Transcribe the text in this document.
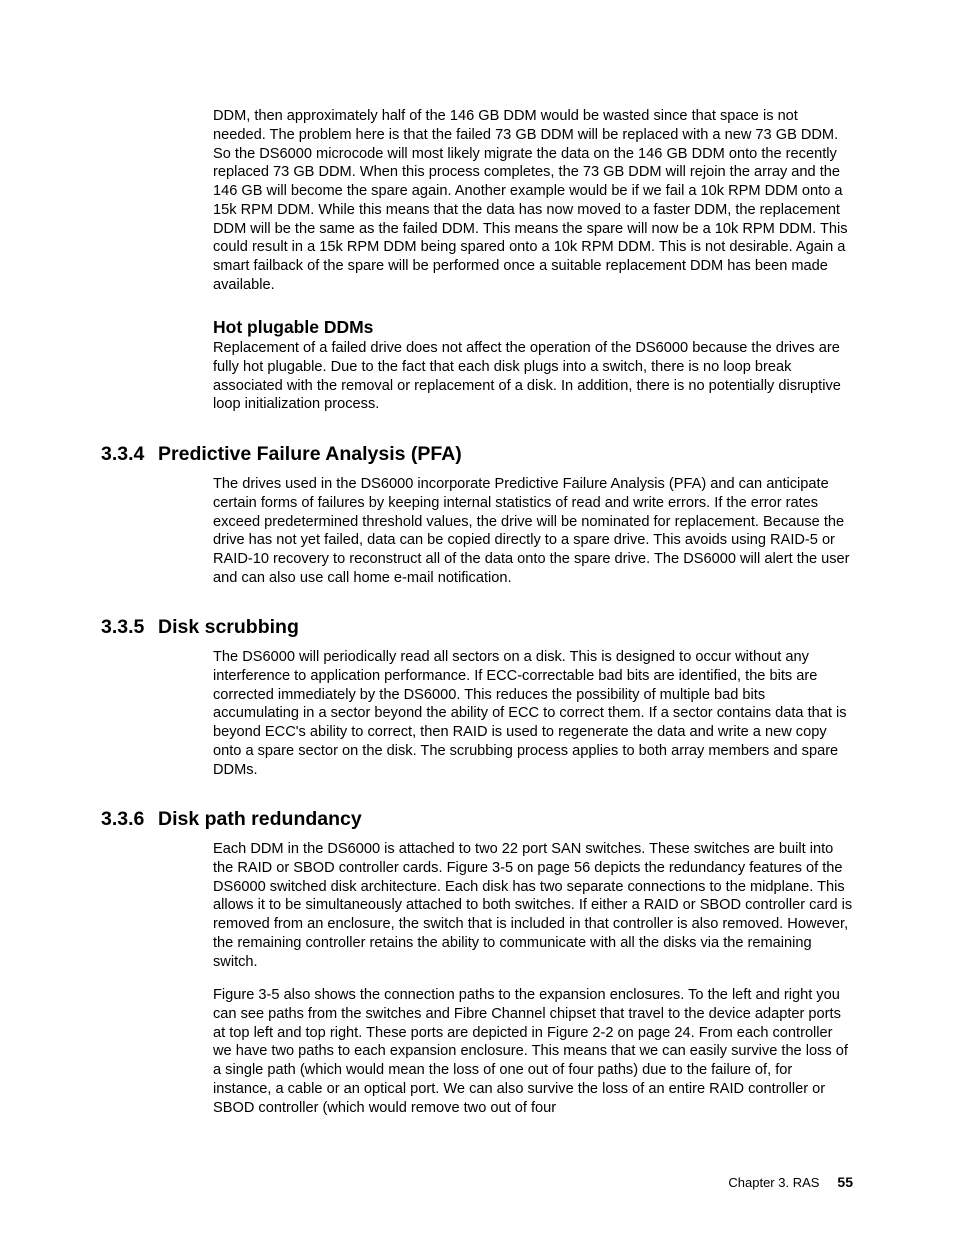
DDM, then approximately half of the 146 GB DDM would be wasted since that space is not needed. The problem here is that the failed 73 GB DDM will be replaced with a new 73 GB DDM. So the DS6000 microcode will most likely migrate the data on the 146 GB DDM onto the recently replaced 73 GB DDM. When this process completes, the 73 GB DDM will rejoin the array and the 146 GB will become the spare again. Another example would be if we fail a 10k RPM DDM onto a 15k RPM DDM. While this means that the data has now moved to a faster DDM, the replacement DDM will be the same as the failed DDM. This means the spare will now be a 10k RPM DDM. This could result in a 15k RPM DDM being spared onto a 10k RPM DDM. This is not desirable. Again a smart failback of the spare will be performed once a suitable replacement DDM has been made available.

Hot plugable DDMs

Replacement of a failed drive does not affect the operation of the DS6000 because the drives are fully hot plugable. Due to the fact that each disk plugs into a switch, there is no loop break associated with the removal or replacement of a disk. In addition, there is no potentially disruptive loop initialization process.

3.3.4 Predictive Failure Analysis (PFA)

The drives used in the DS6000 incorporate Predictive Failure Analysis (PFA) and can anticipate certain forms of failures by keeping internal statistics of read and write errors. If the error rates exceed predetermined threshold values, the drive will be nominated for replacement. Because the drive has not yet failed, data can be copied directly to a spare drive. This avoids using RAID-5 or RAID-10 recovery to reconstruct all of the data onto the spare drive. The DS6000 will alert the user and can also use call home e-mail notification.

3.3.5 Disk scrubbing

The DS6000 will periodically read all sectors on a disk. This is designed to occur without any interference to application performance. If ECC-correctable bad bits are identified, the bits are corrected immediately by the DS6000. This reduces the possibility of multiple bad bits accumulating in a sector beyond the ability of ECC to correct them. If a sector contains data that is beyond ECC's ability to correct, then RAID is used to regenerate the data and write a new copy onto a spare sector on the disk. The scrubbing process applies to both array members and spare DDMs.

3.3.6 Disk path redundancy

Each DDM in the DS6000 is attached to two 22 port SAN switches. These switches are built into the RAID or SBOD controller cards. Figure 3-5 on page 56 depicts the redundancy features of the DS6000 switched disk architecture. Each disk has two separate connections to the midplane. This allows it to be simultaneously attached to both switches. If either a RAID or SBOD controller card is removed from an enclosure, the switch that is included in that controller is also removed. However, the remaining controller retains the ability to communicate with all the disks via the remaining switch.

Figure 3-5 also shows the connection paths to the expansion enclosures. To the left and right you can see paths from the switches and Fibre Channel chipset that travel to the device adapter ports at top left and top right. These ports are depicted in Figure 2-2 on page 24. From each controller we have two paths to each expansion enclosure. This means that we can easily survive the loss of a single path (which would mean the loss of one out of four paths) due to the failure of, for instance, a cable or an optical port. We can also survive the loss of an entire RAID controller or SBOD controller (which would remove two out of four

Chapter 3. RAS 55
